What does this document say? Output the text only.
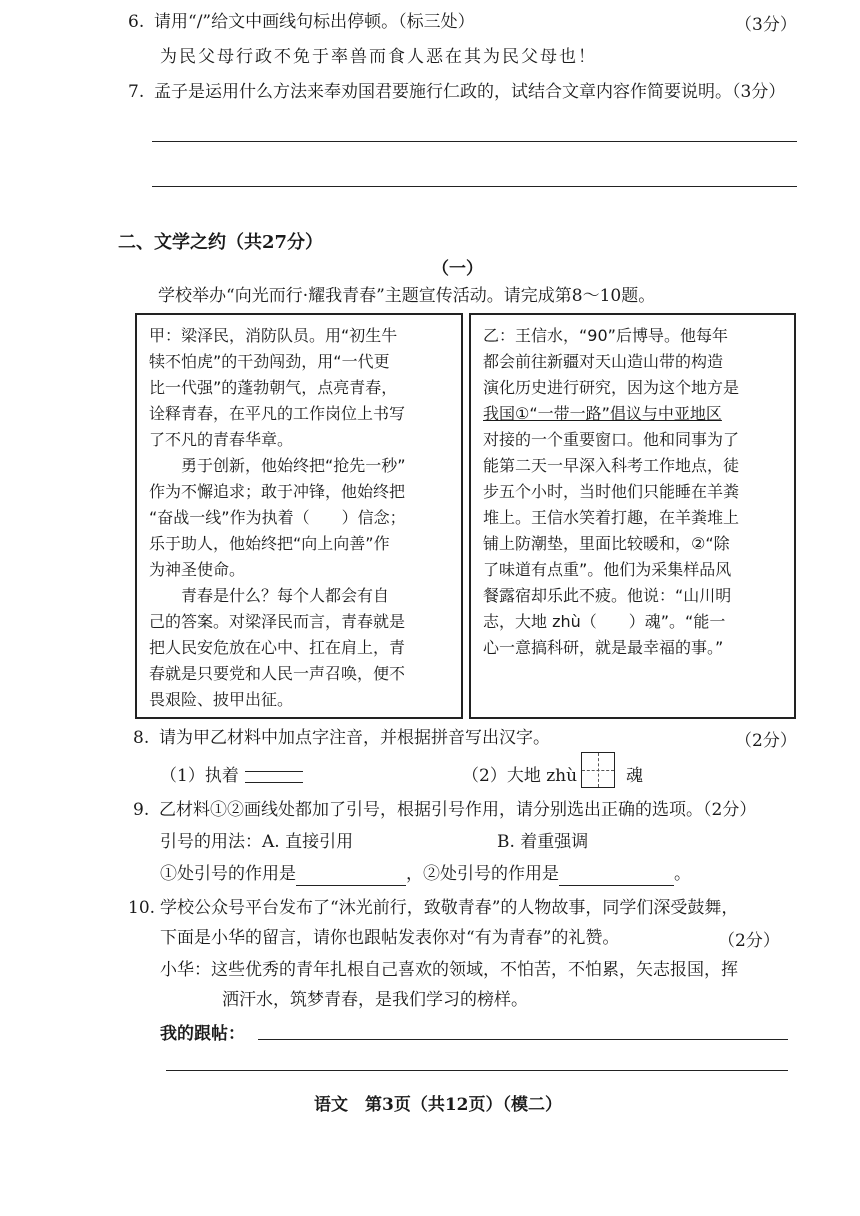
6. 请用“/”给文中画线句标出停顿。（标三处）	（3分）
为民父母行政不免于率兽而食人恶在其为民父母也！
7. 孟子是运用什么方法来奉劝国君要施行仁政的，试结合文章内容作简要说明。（3分）
二、文学之约（共27分）
（一）
学校举办“向光而行·耀我青春”主题宣传活动。请完成第8～10题。
甲：梁泽民，消防队员。用“初生牛
犊不怕虎”的干劲闯劲，用“一代更
比一代强”的蓬勃朝气，点亮青春，
诠释青春，在平凡的工作岗位上书写
了不凡的青春华章。
　　勇于创新，他始终把“抢先一秒”
作为不懈追求；敢于冲锋，他始终把
“奋战一线”作为执着（　　）信念；
乐于助人，他始终把“向上向善”作
为神圣使命。
　　青春是什么？每个人都会有自
己的答案。对梁泽民而言，青春就是
把人民安危放在心中、扛在肩上，青
春就是只要党和人民一声召唤，便不
畏艰险、披甲出征。
乙：王信水，“90”后博导。他每年
都会前往新疆对天山造山带的构造
演化历史进行研究，因为这个地方是
我国①“一带一路”倡议与中亚地区
对接的一个重要窗口。他和同事为了
能第二天一早深入科考工作地点，徒
步五个小时，当时他们只能睡在羊粪
堆上。王信水笑着打趣，在羊粪堆上
铺上防潮垫，里面比较暖和，②“除
了味道有点重”。他们为采集样品风
餐露宿却乐此不疲。他说：“山川明
志，大地 zhù（　　）魂”。“能一
心一意搞科研，就是最幸福的事。”
8. 请为甲乙材料中加点字注音，并根据拼音写出汉字。	（2分）
（1）执着	（2）大地 zhù	魂
9. 乙材料①②画线处都加了引号，根据引号作用，请分别选出正确的选项。（2分）
引号的用法：A. 直接引用	B. 着重强调
①处引号的作用是	，②处引号的作用是	。
10. 学校公众号平台发布了“沐光前行，致敬青春”的人物故事，同学们深受鼓舞，
下面是小华的留言，请你也跟帖发表你对“有为青春”的礼赞。	（2分）
小华：这些优秀的青年扎根自己喜欢的领域，不怕苦，不怕累，矢志报国，挥
洒汗水，筑梦青春，是我们学习的榜样。
我的跟帖：
语文　第3页（共12页）（模二）
